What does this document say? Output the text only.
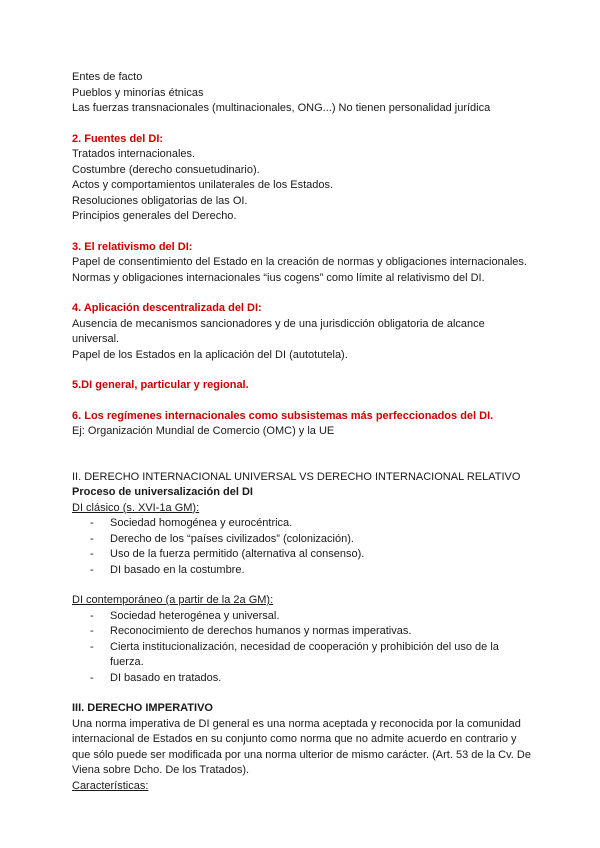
Entes de facto

Pueblos y minorías étnicas

Las fuerzas transnacionales (multinacionales, ONG...) No tienen personalidad jurídica

2. Fuentes del DI:

Tratados internacionales.

Costumbre (derecho consuetudinario).

Actos y comportamientos unilaterales de los Estados.

Resoluciones obligatorias de las OI.

Principios generales del Derecho.

3. El relativismo del DI:

Papel de consentimiento del Estado en la creación de normas y obligaciones internacionales.

Normas y obligaciones internacionales “ius cogens” como límite al relativismo del DI.

4. Aplicación descentralizada del DI:

Ausencia de mecanismos sancionadores y de una jurisdicción obligatoria de alcance universal.

Papel de los Estados en la aplicación del DI (autotutela).

5.DI general, particular y regional.

6. Los regímenes internacionales como subsistemas más perfeccionados del DI.

Ej: Organización Mundial de Comercio (OMC) y la UE

II. DERECHO INTERNACIONAL UNIVERSAL VS DERECHO INTERNACIONAL RELATIVO

Proceso de universalización del DI

DI clásico (s. XVI-1a GM):

- Sociedad homogénea y eurocéntrica.
- Derecho de los “países civilizados” (colonización).
- Uso de la fuerza permitido (alternativa al consenso).
- DI basado en la costumbre.

DI contemporáneo (a partir de la 2a GM):

- Sociedad heterogénea y universal.
- Reconocimiento de derechos humanos y normas imperativas.
- Cierta institucionalización, necesidad de cooperación y prohibición del uso de la fuerza.
- DI basado en tratados.

III. DERECHO IMPERATIVO

Una norma imperativa de DI general es una norma aceptada y reconocida por la comunidad internacional de Estados en su conjunto como norma que no admite acuerdo en contrario y que sólo puede ser modificada por una norma ulterior de mismo carácter. (Art. 53 de la Cv. De Viena sobre Dcho. De los Tratados).

Características:
